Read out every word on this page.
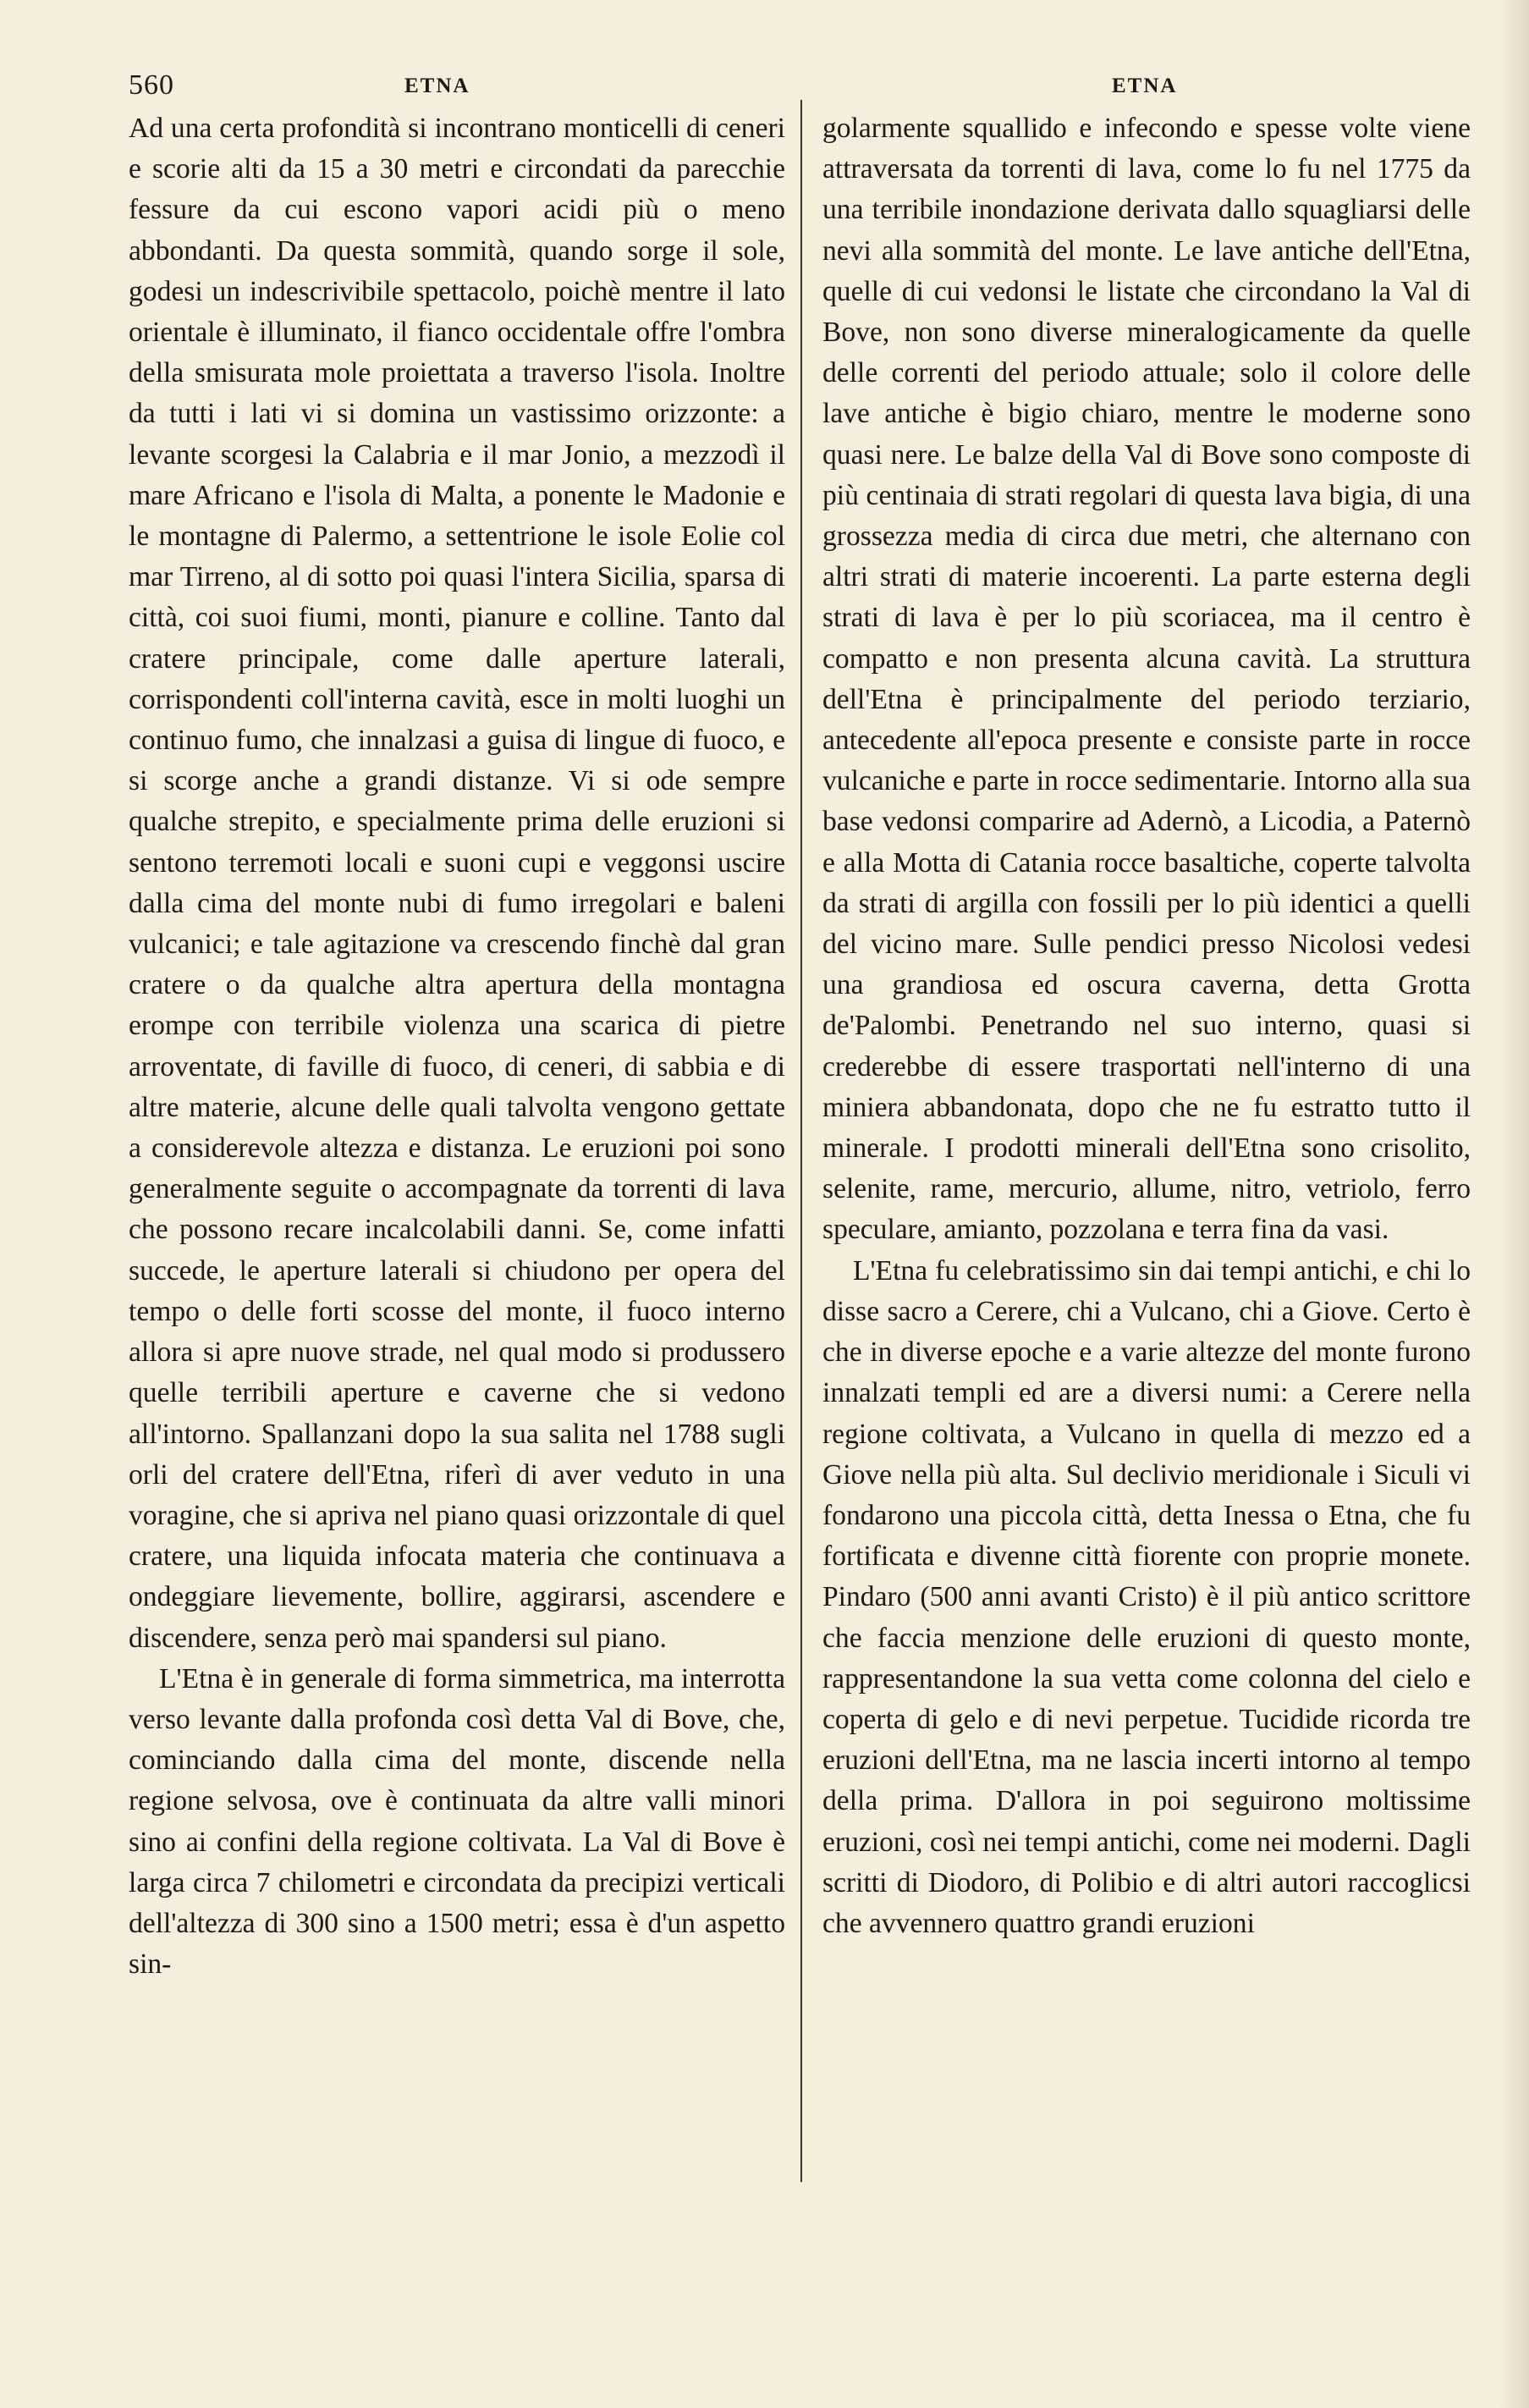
560	ETNA	ETNA

Ad una certa profondità si incontrano monticelli di ceneri e scorie alti da 15 a 30 metri e circondati da parecchie fessure da cui escono vapori acidi più o meno abbondanti. Da questa sommità, quando sorge il sole, godesi un indescrivibile spettacolo, poichè mentre il lato orientale è illuminato, il fianco occidentale offre l'ombra della smisurata mole proiettata a traverso l'isola. Inoltre da tutti i lati vi si domina un vastissimo orizzonte: a levante scorgesi la Calabria e il mar Jonio, a mezzodì il mare Africano e l'isola di Malta, a ponente le Madonie e le montagne di Palermo, a settentrione le isole Eolie col mar Tirreno, al di sotto poi quasi l'intera Sicilia, sparsa di città, coi suoi fiumi, monti, pianure e colline. Tanto dal cratere principale, come dalle aperture laterali, corrispondenti coll'interna cavità, esce in molti luoghi un continuo fumo, che innalzasi a guisa di lingue di fuoco, e si scorge anche a grandi distanze. Vi si ode sempre qualche strepito, e specialmente prima delle eruzioni si sentono terremoti locali e suoni cupi e veggonsi uscire dalla cima del monte nubi di fumo irregolari e baleni vulcanici; e tale agitazione va crescendo finchè dal gran cratere o da qualche altra apertura della montagna erompe con terribile violenza una scarica di pietre arroventate, di faville di fuoco, di ceneri, di sabbia e di altre materie, alcune delle quali talvolta vengono gettate a considerevole altezza e distanza. Le eruzioni poi sono generalmente seguite o accompagnate da torrenti di lava che possono recare incalcolabili danni. Se, come infatti succede, le aperture laterali si chiudono per opera del tempo o delle forti scosse del monte, il fuoco interno allora si apre nuove strade, nel qual modo si produssero quelle terribili aperture e caverne che si vedono all'intorno. Spallanzani dopo la sua salita nel 1788 sugli orli del cratere dell'Etna, riferì di aver veduto in una voragine, che si apriva nel piano quasi orizzontale di quel cratere, una liquida infocata materia che continuava a ondeggiare lievemente, bollire, aggirarsi, ascendere e discendere, senza però mai spandersi sul piano.

L'Etna è in generale di forma simmetrica, ma interrotta verso levante dalla profonda così detta Val di Bove, che, cominciando dalla cima del monte, discende nella regione selvosa, ove è continuata da altre valli minori sino ai confini della regione coltivata. La Val di Bove è larga circa 7 chilometri e circondata da precipizi verticali dell'altezza di 300 sino a 1500 metri; essa è d'un aspetto sin-

golarmente squallido e infecondo e spesse volte viene attraversata da torrenti di lava, come lo fu nel 1775 da una terribile inondazione derivata dallo squagliarsi delle nevi alla sommità del monte. Le lave antiche dell'Etna, quelle di cui vedonsi le listate che circondano la Val di Bove, non sono diverse mineralogicamente da quelle delle correnti del periodo attuale; solo il colore delle lave antiche è bigio chiaro, mentre le moderne sono quasi nere. Le balze della Val di Bove sono composte di più centinaia di strati regolari di questa lava bigia, di una grossezza media di circa due metri, che alternano con altri strati di materie incoerenti. La parte esterna degli strati di lava è per lo più scoriacea, ma il centro è compatto e non presenta alcuna cavità. La struttura dell'Etna è principalmente del periodo terziario, antecedente all'epoca presente e consiste parte in rocce vulcaniche e parte in rocce sedimentarie. Intorno alla sua base vedonsi comparire ad Adernò, a Licodia, a Paternò e alla Motta di Catania rocce basaltiche, coperte talvolta da strati di argilla con fossili per lo più identici a quelli del vicino mare. Sulle pendici presso Nicolosi vedesi una grandiosa ed oscura caverna, detta Grotta de'Palombi. Penetrando nel suo interno, quasi si crederebbe di essere trasportati nell'interno di una miniera abbandonata, dopo che ne fu estratto tutto il minerale. I prodotti minerali dell'Etna sono crisolito, selenite, rame, mercurio, allume, nitro, vetriolo, ferro speculare, amianto, pozzolana e terra fina da vasi.

L'Etna fu celebratissimo sin dai tempi antichi, e chi lo disse sacro a Cerere, chi a Vulcano, chi a Giove. Certo è che in diverse epoche e a varie altezze del monte furono innalzati templi ed are a diversi numi: a Cerere nella regione coltivata, a Vulcano in quella di mezzo ed a Giove nella più alta. Sul declivio meridionale i Siculi vi fondarono una piccola città, detta Inessa o Etna, che fu fortificata e divenne città fiorente con proprie monete. Pindaro (500 anni avanti Cristo) è il più antico scrittore che faccia menzione delle eruzioni di questo monte, rappresentandone la sua vetta come colonna del cielo e coperta di gelo e di nevi perpetue. Tucidide ricorda tre eruzioni dell'Etna, ma ne lascia incerti intorno al tempo della prima. D'allora in poi seguirono moltissime eruzioni, così nei tempi antichi, come nei moderni. Dagli scritti di Diodoro, di Polibio e di altri autori raccoglicsi che avvennero quattro grandi eruzioni
